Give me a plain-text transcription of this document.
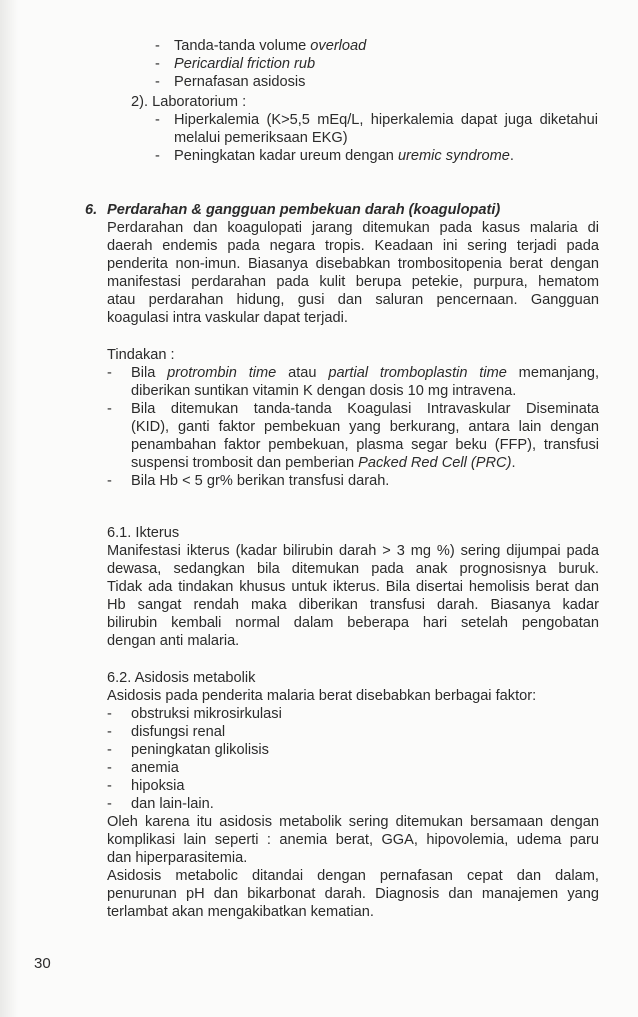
- Tanda-tanda volume overload
- Pericardial friction rub
- Pernafasan asidosis
2). Laboratorium :
- Hiperkalemia (K>5,5 mEq/L, hiperkalemia dapat juga diketahui
melalui pemeriksaan EKG)
- Peningkatan kadar ureum dengan uremic syndrome.
6. Perdarahan & gangguan pembekuan darah (koagulopati)
Perdarahan dan koagulopati jarang ditemukan pada kasus malaria di
daerah endemis pada negara tropis. Keadaan ini sering terjadi pada
penderita non-imun. Biasanya disebabkan trombositopenia berat dengan
manifestasi perdarahan pada kulit berupa petekie, purpura, hematom
atau perdarahan hidung, gusi dan saluran pencernaan. Gangguan
koagulasi intra vaskular dapat terjadi.
Tindakan :
- Bila protrombin time atau partial tromboplastin time memanjang,
diberikan suntikan vitamin K dengan dosis 10 mg intravena.
- Bila ditemukan tanda-tanda Koagulasi Intravaskular Diseminata
(KID), ganti faktor pembekuan yang berkurang, antara lain dengan
penambahan faktor pembekuan, plasma segar beku (FFP), transfusi
suspensi trombosit dan pemberian Packed Red Cell (PRC).
- Bila Hb < 5 gr% berikan transfusi darah.
6.1. Ikterus
Manifestasi ikterus (kadar bilirubin darah > 3 mg %) sering dijumpai pada
dewasa, sedangkan bila ditemukan pada anak prognosisnya buruk.
Tidak ada tindakan khusus untuk ikterus. Bila disertai hemolisis berat dan
Hb sangat rendah maka diberikan transfusi darah. Biasanya kadar
bilirubin kembali normal dalam beberapa hari setelah pengobatan
dengan anti malaria.
6.2. Asidosis metabolik
Asidosis pada penderita malaria berat disebabkan berbagai faktor:
- obstruksi mikrosirkulasi
- disfungsi renal
- peningkatan glikolisis
- anemia
- hipoksia
- dan lain-lain.
Oleh karena itu asidosis metabolik sering ditemukan bersamaan dengan
komplikasi lain seperti : anemia berat, GGA, hipovolemia, udema paru
dan hiperparasitemia.
Asidosis metabolic ditandai dengan pernafasan cepat dan dalam,
penurunan pH dan bikarbonat darah. Diagnosis dan manajemen yang
terlambat akan mengakibatkan kematian.
30
